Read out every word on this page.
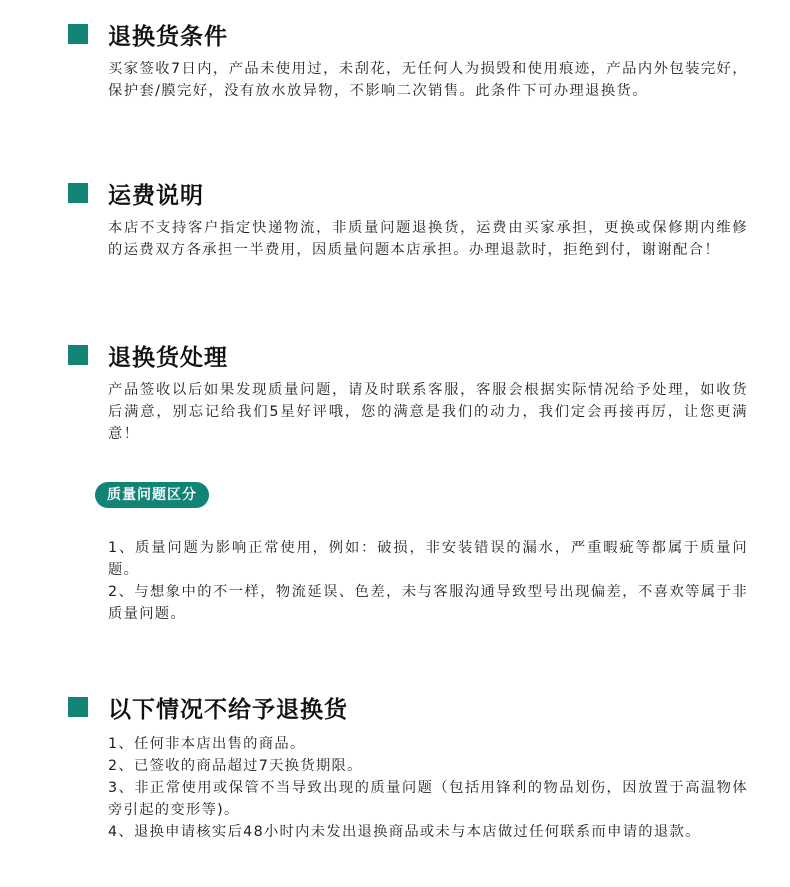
退换货条件
买家签收7日内，产品未使用过，未刮花，无任何人为损毁和使用痕迹，产品内外包装完好，保护套/膜完好，没有放水放异物，不影响二次销售。此条件下可办理退换货。
运费说明
本店不支持客户指定快递物流，非质量问题退换货，运费由买家承担，更换或保修期内维修的运费双方各承担一半费用，因质量问题本店承担。办理退款时，拒绝到付，谢谢配合！
退换货处理
产品签收以后如果发现质量问题，请及时联系客服，客服会根据实际情况给予处理，如收货后满意，别忘记给我们5星好评哦，您的满意是我们的动力，我们定会再接再厉，让您更满意！
质量问题区分
1、质量问题为影响正常使用，例如：破损，非安装错误的漏水，严重暇疵等都属于质量问题。
2、与想象中的不一样，物流延误、色差，未与客服沟通导致型号出现偏差，不喜欢等属于非质量问题。
以下情况不给予退换货
1、任何非本店出售的商品。
2、已签收的商品超过7天换货期限。
3、非正常使用或保管不当导致出现的质量问题（包括用锋利的物品划伤，因放置于高温物体旁引起的变形等)。
4、退换申请核实后48小时内未发出退换商品或未与本店做过任何联系而申请的退款。
